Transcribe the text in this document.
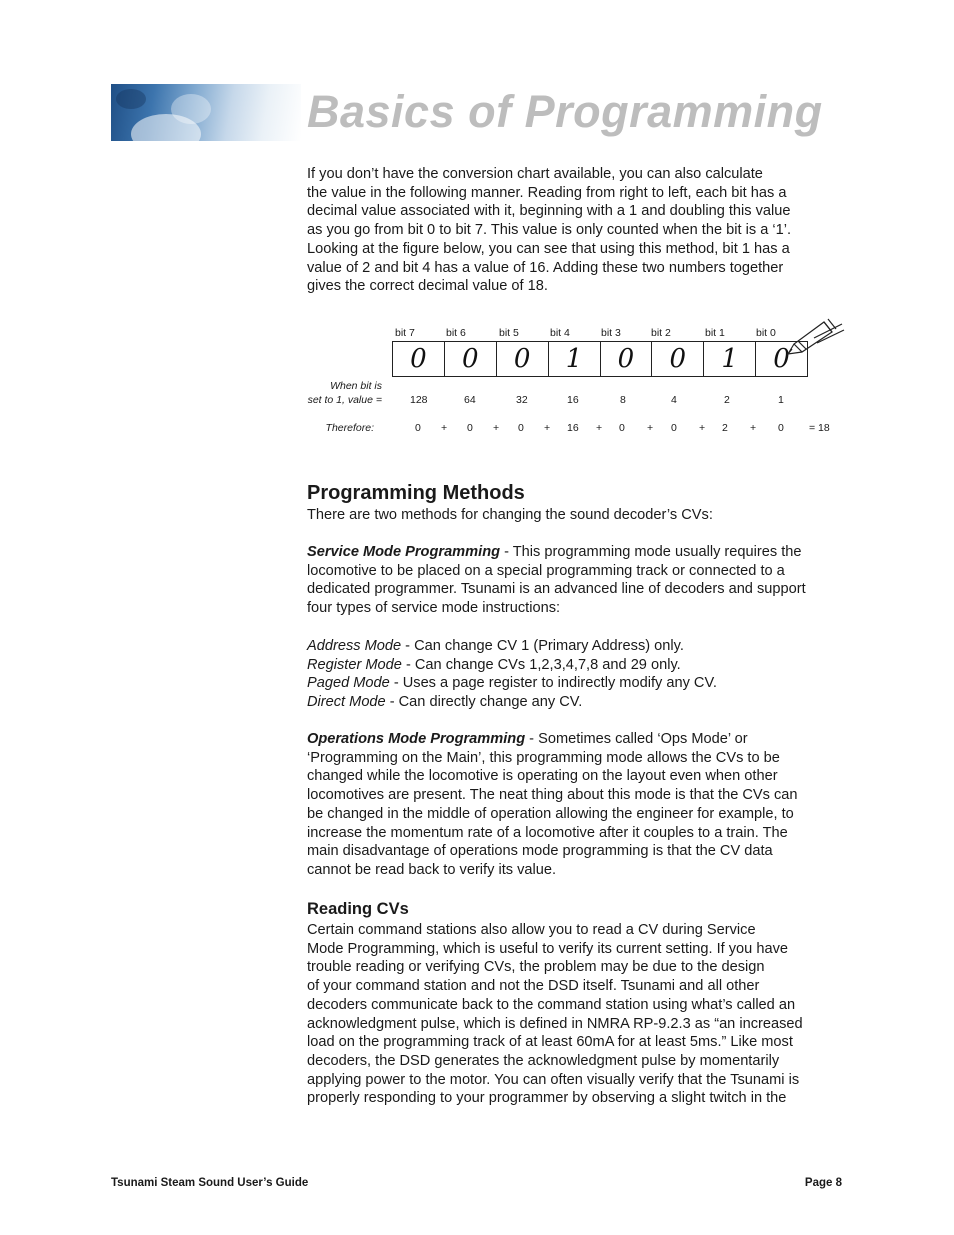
Basics of Programming

If you don’t have the conversion chart available, you can also calculate

the value in the following manner. Reading from right to left, each bit has a

decimal value associated with it, beginning with a 1 and doubling this value

as you go from bit 0 to bit 7. This value is only counted when the bit is a ‘1’.

Looking at the figure below, you can see that using this method, bit 1 has a

value of 2 and bit 4 has a value of 16. Adding these two numbers together

gives the correct decimal value of 18.

bit 7	bit 6	bit 5	bit 4	bit 3	bit 2	bit 1	bit 0
0	0	0	1	0	0	1	0
When bit is
set to 1, value =	128	64	32	16	8	4	2	1
Therefore:	0 + 0 + 0 + 16 + 0 + 0 + 2 + 0 = 18
Programming Methods

There are two methods for changing the sound decoder’s CVs:

Service Mode Programming - This programming mode usually requires the

locomotive to be placed on a special programming track or connected to a

dedicated programmer. Tsunami is an advanced line of decoders and support

four types of service mode instructions:

Address Mode - Can change CV 1 (Primary Address) only.

Register Mode - Can change CVs 1,2,3,4,7,8 and 29 only.

Paged Mode - Uses a page register to indirectly modify any CV.

Direct Mode - Can directly change any CV.

Operations Mode Programming - Sometimes called ‘Ops Mode’ or

‘Programming on the Main’, this programming mode allows the CVs to be

changed while the locomotive is operating on the layout even when other

locomotives are present. The neat thing about this mode is that the CVs can

be changed in the middle of operation allowing the engineer for example, to

increase the momentum rate of a locomotive after it couples to a train. The

main disadvantage of operations mode programming is that the CV data

cannot be read back to verify its value.

Reading CVs

Certain command stations also allow you to read a CV during Service

Mode Programming, which is useful to verify its current setting. If you have

trouble reading or verifying CVs, the problem may be due to the design

of your command station and not the DSD itself. Tsunami and all other

decoders communicate back to the command station using what’s called an

acknowledgment pulse, which is defined in NMRA RP-9.2.3 as “an increased

load on the programming track of at least 60mA for at least 5ms.” Like most

decoders, the DSD generates the acknowledgment pulse by momentarily

applying power to the motor. You can often visually verify that the Tsunami is

properly responding to your programmer by observing a slight twitch in the

Tsunami Steam Sound User’s Guide	Page 8
